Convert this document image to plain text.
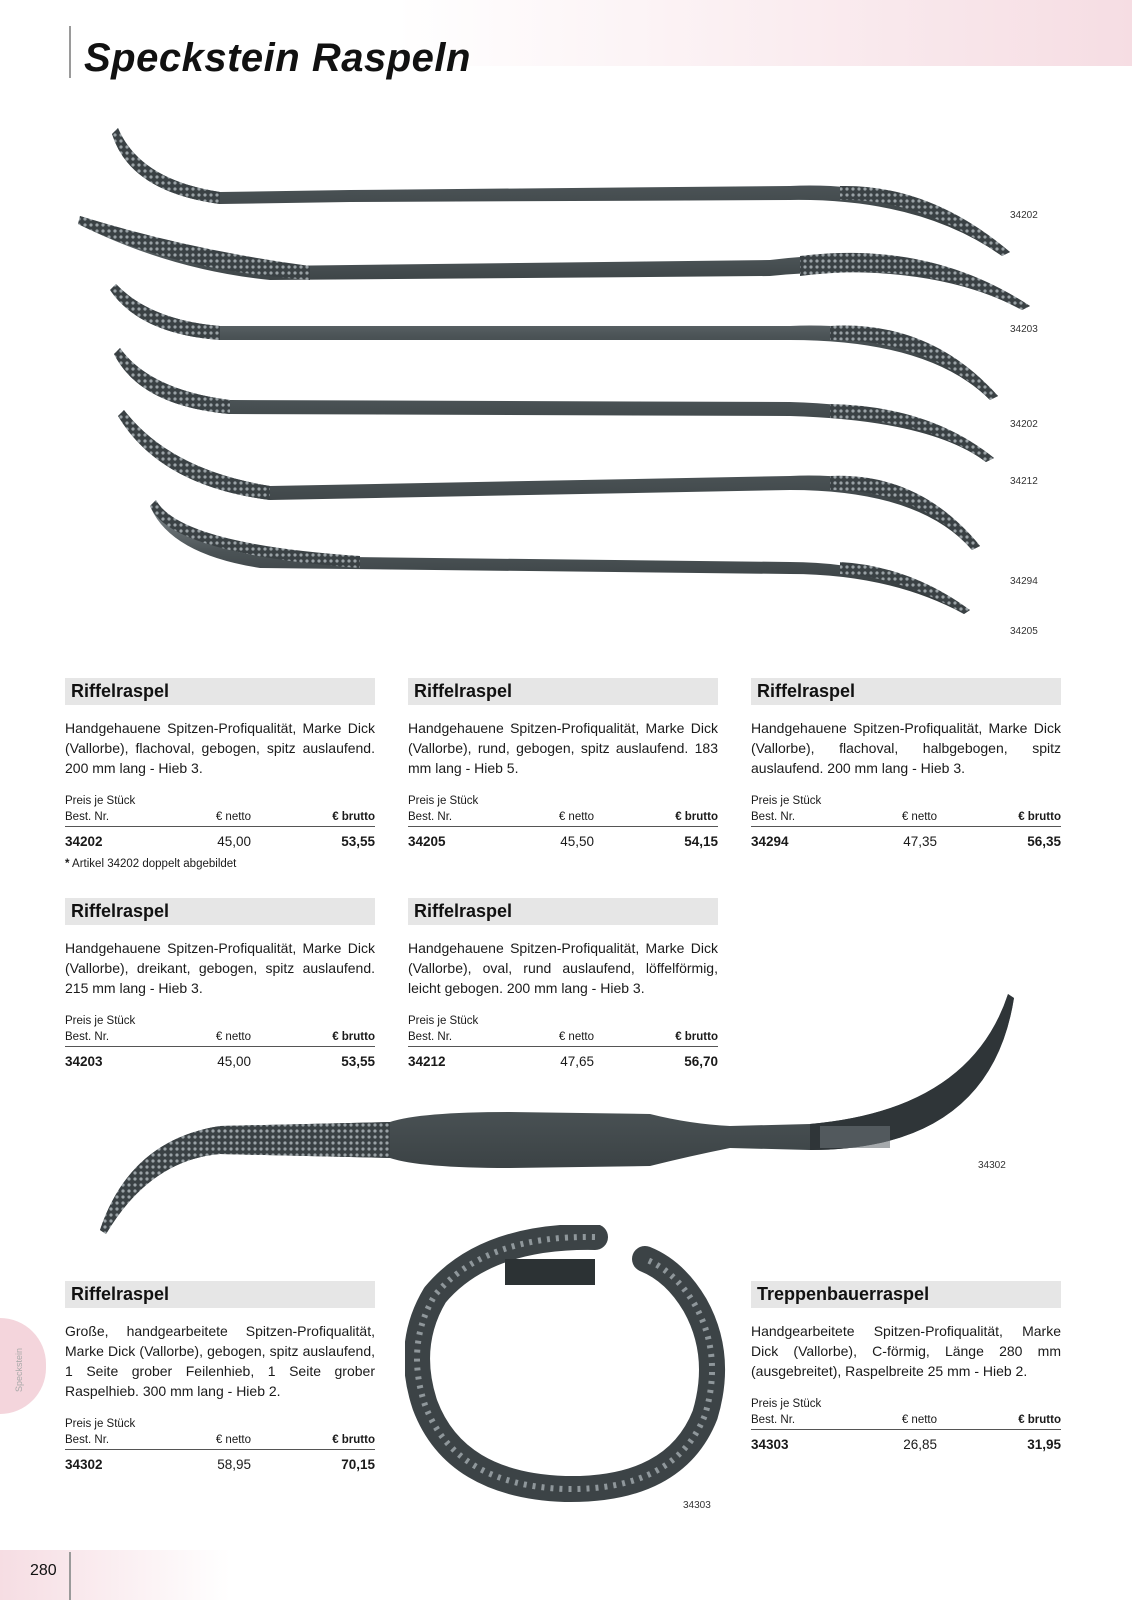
Speckstein Raspeln
34202
34203
34202
34212
34294
34205
Riffelraspel
Handgehauene Spitzen-Profiqualität, Marke Dick (Vallorbe), flachoval, gebogen, spitz auslaufend. 200 mm lang - Hieb 3.
Preis je Stück
Best. Nr.	€ netto	€ brutto
34202	45,00	53,55
* Artikel 34202 doppelt abgebildet
Riffelraspel
Handgehauene Spitzen-Profiqualität, Marke Dick (Vallorbe), rund, gebogen, spitz auslaufend. 183 mm lang - Hieb 5.
Preis je Stück
Best. Nr.	€ netto	€ brutto
34205	45,50	54,15
Riffelraspel
Handgehauene Spitzen-Profiqualität, Marke Dick (Vallorbe), flachoval, halbgebogen, spitz auslaufend. 200 mm lang - Hieb 3.
Preis je Stück
Best. Nr.	€ netto	€ brutto
34294	47,35	56,35
Riffelraspel
Handgehauene Spitzen-Profiqualität, Marke Dick (Vallorbe), dreikant, gebogen, spitz auslaufend. 215 mm lang - Hieb 3.
Preis je Stück
Best. Nr.	€ netto	€ brutto
34203	45,00	53,55
Riffelraspel
Handgehauene Spitzen-Profiqualität, Marke Dick (Vallorbe), oval, rund auslaufend, löffelförmig, leicht gebogen. 200 mm lang - Hieb 3.
Preis je Stück
Best. Nr.	€ netto	€ brutto
34212	47,65	56,70
34302
34303
Riffelraspel
Große, handgearbeitete Spitzen-Profiqualität, Marke Dick (Vallorbe), gebogen, spitz auslaufend, 1 Seite grober Feilenhieb, 1 Seite grober Raspelhieb. 300 mm lang - Hieb 2.
Preis je Stück
Best. Nr.	€ netto	€ brutto
34302	58,95	70,15
Treppenbauerraspel
Handgearbeitete Spitzen-Profiqualität, Marke Dick (Vallorbe), C-förmig, Länge 280 mm (ausgebreitet), Raspelbreite 25 mm - Hieb 2.
Preis je Stück
Best. Nr.	€ netto	€ brutto
34303	26,85	31,95
Speckstein
280
